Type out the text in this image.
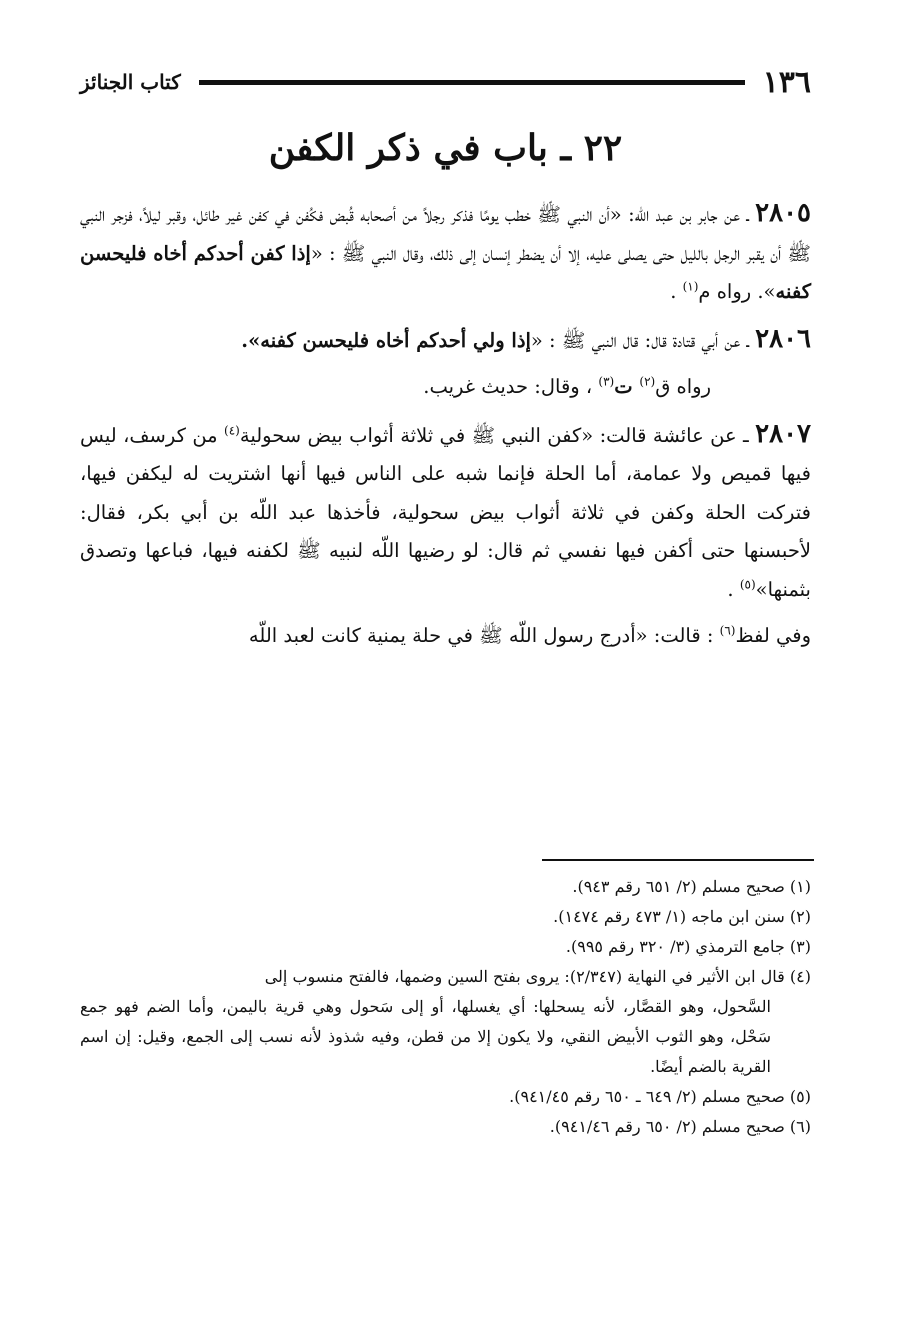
١٣٦
كتاب الجنائز
٢٢ ـ باب في ذكر الكفن

٢٨٠٥ ـ عن جابر بن عبد اللّه: «أن النبي ﷺ خطب يومًا فذكر رجلاً من أصحابه قُبض فكُفن في كفن غير طائل، وقبر ليلاً، فزجر النبي ﷺ أن يقبر الرجل بالليل حتى يصلى عليه، إلا أن يضطر إنسان إلى ذلك، وقال النبي ﷺ : «إذا كفن أحدكم أخاه فليحسن كفنه». رواه م$^{(١)}$ .

٢٨٠٦ ـ عن أبي قتادة قال: قال النبي ﷺ : «إذا ولي أحدكم أخاه فليحسن كفنه».

رواه ق$^{(٢)}$ ت$^{(٣)}$ ، وقال: حديث غريب.

٢٨٠٧ ـ عن عائشة قالت: «كفن النبي ﷺ في ثلاثة أثواب بيض سحولية$^{(٤)}$ من كرسف، ليس فيها قميص ولا عمامة، أما الحلة فإنما شبه على الناس فيها أنها اشتريت له ليكفن فيها، فتركت الحلة وكفن في ثلاثة أثواب بيض سحولية، فأخذها عبد اللّه بن أبي بكر، فقال: لأحبسنها حتى أكفن فيها نفسي ثم قال: لو رضيها اللّه لنبيه ﷺ لكفنه فيها، فباعها وتصدق بثمنها»$^{(٥)}$ .

وفي لفظ$^{(٦)}$ : قالت: «أدرج رسول اللّه ﷺ في حلة يمنية كانت لعبد اللّه

(١) صحيح مسلم (٢/ ٦٥١ رقم ٩٤٣).

(٢) سنن ابن ماجه (١/ ٤٧٣ رقم ١٤٧٤).

(٣) جامع الترمذي (٣/ ٣٢٠ رقم ٩٩٥).

(٤) قال ابن الأثير في النهاية (٢/٣٤٧): يروى بفتح السين وضمها، فالفتح منسوب إلى

السَّحول، وهو القصَّار، لأنه يسحلها: أي يغسلها، أو إلى سَحول وهي قرية باليمن، وأما الضم فهو جمع سَحْل، وهو الثوب الأبيض النقي، ولا يكون إلا من قطن، وفيه شذوذ لأنه نسب إلى الجمع، وقيل: إن اسم القرية بالضم أيضًا.

(٥) صحيح مسلم (٢/ ٦٤٩ ـ ٦٥٠ رقم ٩٤١/٤٥).

(٦) صحيح مسلم (٢/ ٦٥٠ رقم ٩٤١/٤٦).
